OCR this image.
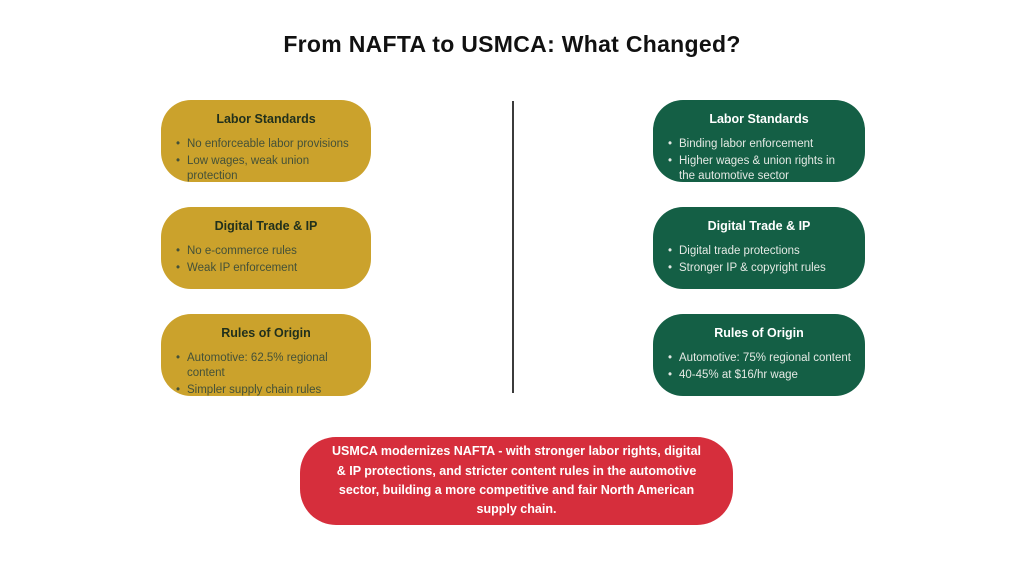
From NAFTA to USMCA: What Changed?
Labor Standards
• No enforceable labor provisions
• Low wages, weak union protection
Digital Trade & IP
• No e-commerce rules
• Weak IP enforcement
Rules of Origin
• Automotive: 62.5% regional content
• Simpler supply chain rules
Labor Standards
• Binding labor enforcement
• Higher wages & union rights in the automotive sector
Digital Trade & IP
• Digital trade protections
• Stronger IP & copyright rules
Rules of Origin
• Automotive: 75% regional content
• 40-45% at $16/hr wage
USMCA modernizes NAFTA - with stronger labor rights, digital & IP protections, and stricter content rules in the automotive sector, building a more competitive and fair North American supply chain.
